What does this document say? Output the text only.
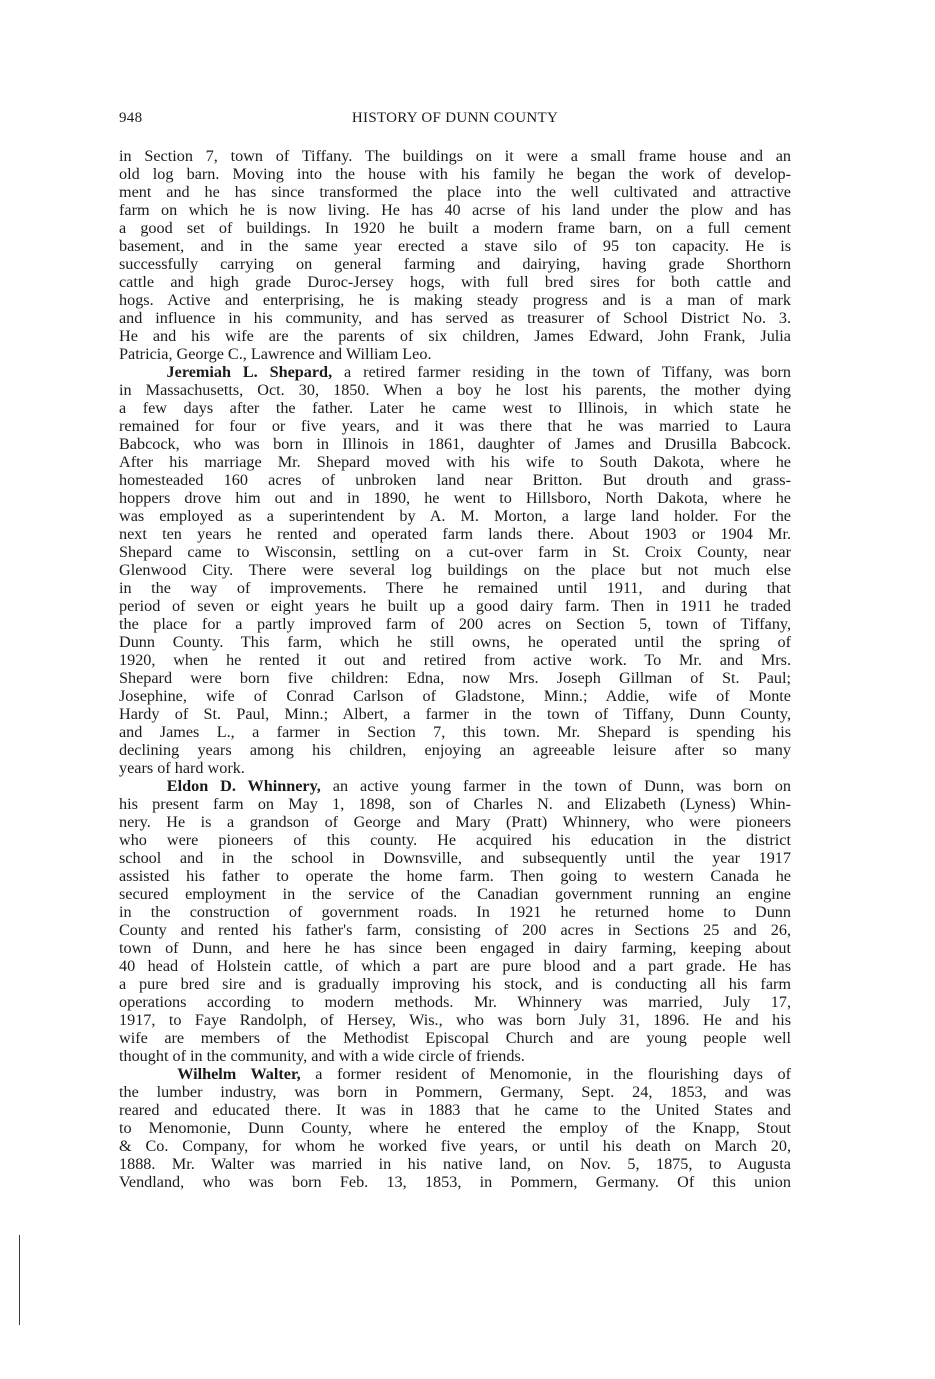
948	HISTORY OF DUNN COUNTY
in Section 7, town of Tiffany. The buildings on it were a small frame house and an
old log barn. Moving into the house with his family he began the work of develop-
ment and he has since transformed the place into the well cultivated and attractive
farm on which he is now living. He has 40 acrse of his land under the plow and has
a good set of buildings. In 1920 he built a modern frame barn, on a full cement
basement, and in the same year erected a stave silo of 95 ton capacity. He is
successfully carrying on general farming and dairying, having grade Shorthorn
cattle and high grade Duroc-Jersey hogs, with full bred sires for both cattle and
hogs. Active and enterprising, he is making steady progress and is a man of mark
and influence in his community, and has served as treasurer of School District No. 3.
He and his wife are the parents of six children, James Edward, John Frank, Julia
Patricia, George C., Lawrence and William Leo.
Jeremiah L. Shepard, a retired farmer residing in the town of Tiffany, was born
in Massachusetts, Oct. 30, 1850. When a boy he lost his parents, the mother dying
a few days after the father. Later he came west to Illinois, in which state he
remained for four or five years, and it was there that he was married to Laura
Babcock, who was born in Illinois in 1861, daughter of James and Drusilla Babcock.
After his marriage Mr. Shepard moved with his wife to South Dakota, where he
homesteaded 160 acres of unbroken land near Britton. But drouth and grass-
hoppers drove him out and in 1890, he went to Hillsboro, North Dakota, where he
was employed as a superintendent by A. M. Morton, a large land holder. For the
next ten years he rented and operated farm lands there. About 1903 or 1904 Mr.
Shepard came to Wisconsin, settling on a cut-over farm in St. Croix County, near
Glenwood City. There were several log buildings on the place but not much else
in the way of improvements. There he remained until 1911, and during that
period of seven or eight years he built up a good dairy farm. Then in 1911 he traded
the place for a partly improved farm of 200 acres on Section 5, town of Tiffany,
Dunn County. This farm, which he still owns, he operated until the spring of
1920, when he rented it out and retired from active work. To Mr. and Mrs.
Shepard were born five children: Edna, now Mrs. Joseph Gillman of St. Paul;
Josephine, wife of Conrad Carlson of Gladstone, Minn.; Addie, wife of Monte
Hardy of St. Paul, Minn.; Albert, a farmer in the town of Tiffany, Dunn County,
and James L., a farmer in Section 7, this town. Mr. Shepard is spending his
declining years among his children, enjoying an agreeable leisure after so many
years of hard work.
Eldon D. Whinnery, an active young farmer in the town of Dunn, was born on
his present farm on May 1, 1898, son of Charles N. and Elizabeth (Lyness) Whin-
nery. He is a grandson of George and Mary (Pratt) Whinnery, who were pioneers
who were pioneers of this county. He acquired his education in the district
school and in the school in Downsville, and subsequently until the year 1917
assisted his father to operate the home farm. Then going to western Canada he
secured employment in the service of the Canadian government running an engine
in the construction of government roads. In 1921 he returned home to Dunn
County and rented his father's farm, consisting of 200 acres in Sections 25 and 26,
town of Dunn, and here he has since been engaged in dairy farming, keeping about
40 head of Holstein cattle, of which a part are pure blood and a part grade. He has
a pure bred sire and is gradually improving his stock, and is conducting all his farm
operations according to modern methods. Mr. Whinnery was married, July 17,
1917, to Faye Randolph, of Hersey, Wis., who was born July 31, 1896. He and his
wife are members of the Methodist Episcopal Church and are young people well
thought of in the community, and with a wide circle of friends.
Wilhelm Walter, a former resident of Menomonie, in the flourishing days of
the lumber industry, was born in Pommern, Germany, Sept. 24, 1853, and was
reared and educated there. It was in 1883 that he came to the United States and
to Menomonie, Dunn County, where he entered the employ of the Knapp, Stout
& Co. Company, for whom he worked five years, or until his death on March 20,
1888. Mr. Walter was married in his native land, on Nov. 5, 1875, to Augusta
Vendland, who was born Feb. 13, 1853, in Pommern, Germany. Of this union
